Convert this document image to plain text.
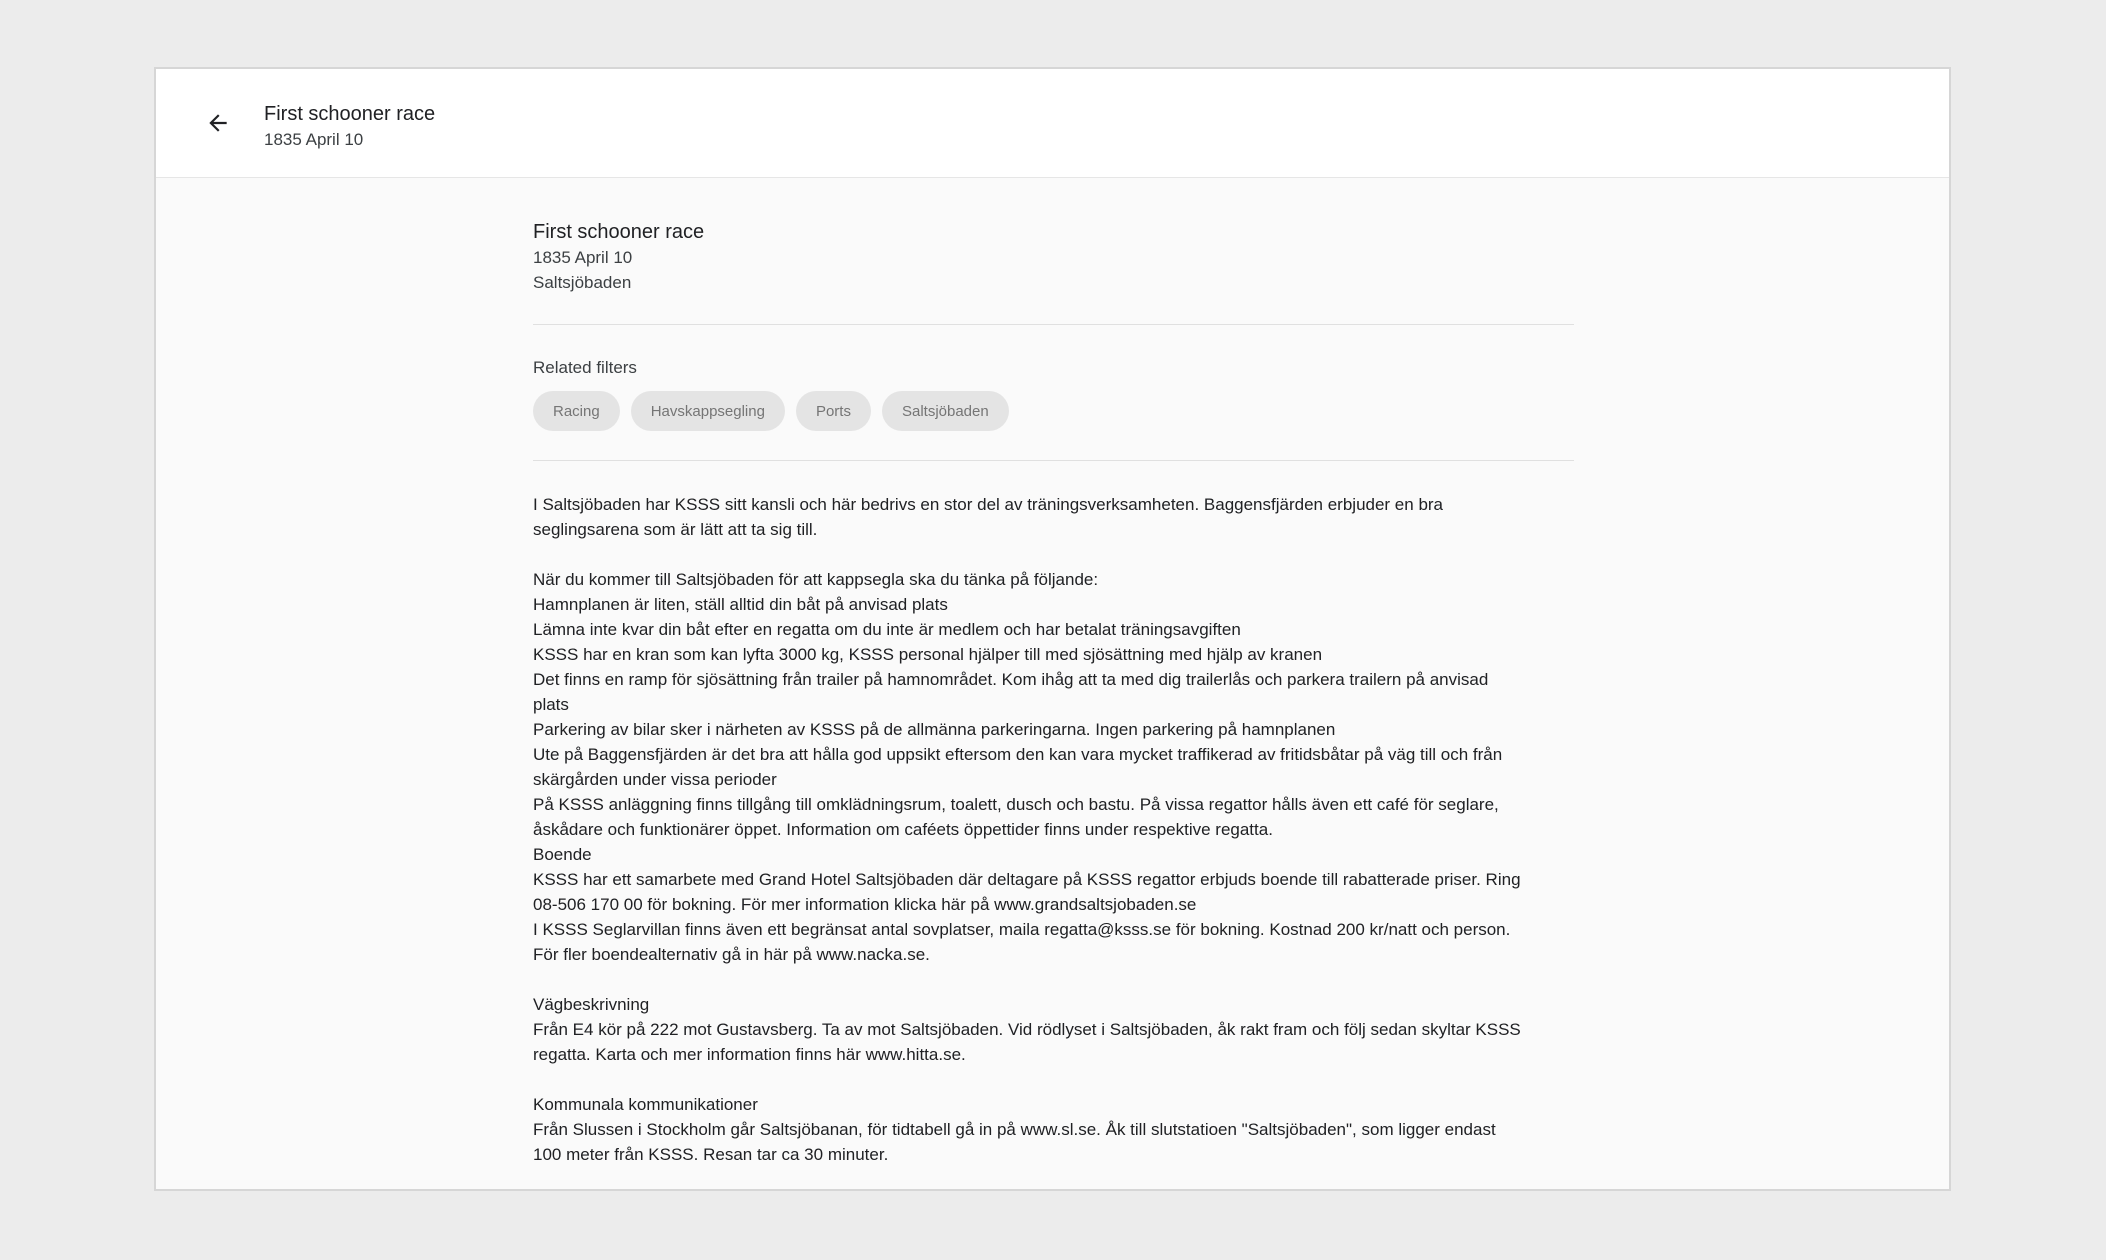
First schooner race
1835 April 10
First schooner race
1835 April 10
Saltsjöbaden
Related filters
Racing	Havskappsegling	Ports	Saltsjöbaden
I Saltsjöbaden har KSSS sitt kansli och här bedrivs en stor del av träningsverksamheten. Baggensfjärden erbjuder en bra
seglingsarena som är lätt att ta sig till.

När du kommer till Saltsjöbaden för att kappsegla ska du tänka på följande:
Hamnplanen är liten, ställ alltid din båt på anvisad plats
Lämna inte kvar din båt efter en regatta om du inte är medlem och har betalat träningsavgiften
KSSS har en kran som kan lyfta 3000 kg, KSSS personal hjälper till med sjösättning med hjälp av kranen
Det finns en ramp för sjösättning från trailer på hamnområdet. Kom ihåg att ta med dig trailerlås och parkera trailern på anvisad
plats
Parkering av bilar sker i närheten av KSSS på de allmänna parkeringarna. Ingen parkering på hamnplanen
Ute på Baggensfjärden är det bra att hålla god uppsikt eftersom den kan vara mycket traffikerad av fritidsbåtar på väg till och från
skärgården under vissa perioder
På KSSS anläggning finns tillgång till omklädningsrum, toalett, dusch och bastu. På vissa regattor hålls även ett café för seglare,
åskådare och funktionärer öppet. Information om caféets öppettider finns under respektive regatta.
Boende
KSSS har ett samarbete med Grand Hotel Saltsjöbaden där deltagare på KSSS regattor erbjuds boende till rabatterade priser. Ring
08-506 170 00 för bokning. För mer information klicka här på www.grandsaltsjobaden.se
I KSSS Seglarvillan finns även ett begränsat antal sovplatser, maila regatta@ksss.se för bokning. Kostnad 200 kr/natt och person.
För fler boendealternativ gå in här på www.nacka.se.

Vägbeskrivning
Från E4 kör på 222 mot Gustavsberg. Ta av mot Saltsjöbaden. Vid rödlyset i Saltsjöbaden, åk rakt fram och följ sedan skyltar KSSS
regatta. Karta och mer information finns här www.hitta.se.

Kommunala kommunikationer
Från Slussen i Stockholm går Saltsjöbanan, för tidtabell gå in på www.sl.se. Åk till slutstatioen "Saltsjöbaden", som ligger endast
100 meter från KSSS. Resan tar ca 30 minuter.
